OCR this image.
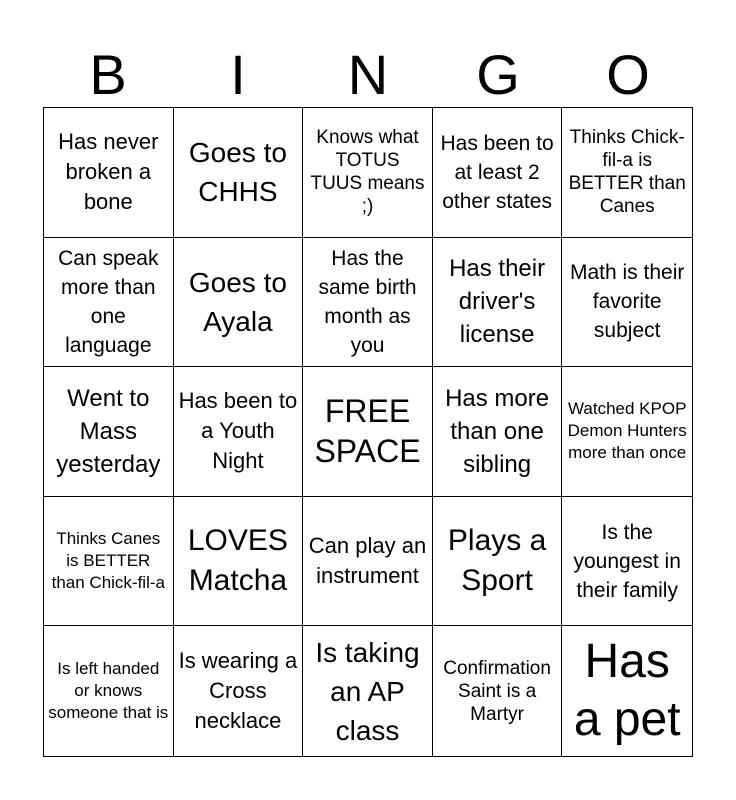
B	I	N	G	O
Has never broken a bone
Goes to CHHS
Knows what TOTUS TUUS means ;)
Has been to at least 2 other states
Thinks Chick-fil-a is BETTER than Canes
Can speak more than one language
Goes to Ayala
Has the same birth month as you
Has their driver's license
Math is their favorite subject
Went to Mass yesterday
Has been to a Youth Night
FREE SPACE
Has more than one sibling
Watched KPOP Demon Hunters more than once
Thinks Canes is BETTER than Chick-fil-a
LOVES Matcha
Can play an instrument
Plays a Sport
Is the youngest in their family
Is left handed or knows someone that is
Is wearing a Cross necklace
Is taking an AP class
Confirmation Saint is a Martyr
Has a pet
